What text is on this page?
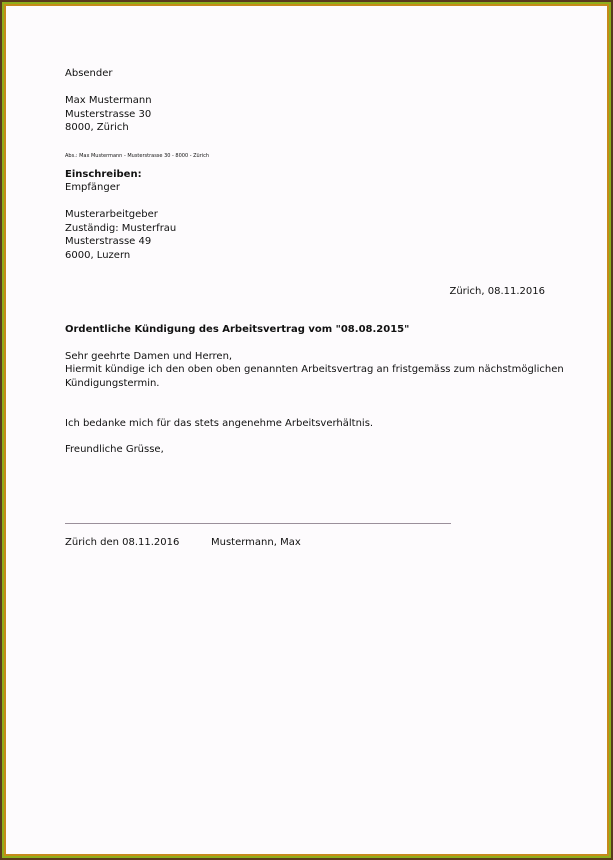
Absender
Max Mustermann
Musterstrasse 30
8000, Zürich
Abs.: Max Mustermann - Musterstrasse 30 - 8000 - Zürich
Einschreiben:
Empfänger
Musterarbeitgeber
Zuständig: Musterfrau
Musterstrasse 49
6000, Luzern
Zürich, 08.11.2016
Ordentliche Kündigung des Arbeitsvertrag vom "08.08.2015"
Sehr geehrte Damen und Herren,
Hiermit kündige ich den oben oben genannten Arbeitsvertrag an fristgemäss zum nächstmöglichen
Kündigungstermin.
Ich bedanke mich für das stets angenehme Arbeitsverhältnis.
Freundliche Grüsse,
Zürich den 08.11.2016	Mustermann, Max
